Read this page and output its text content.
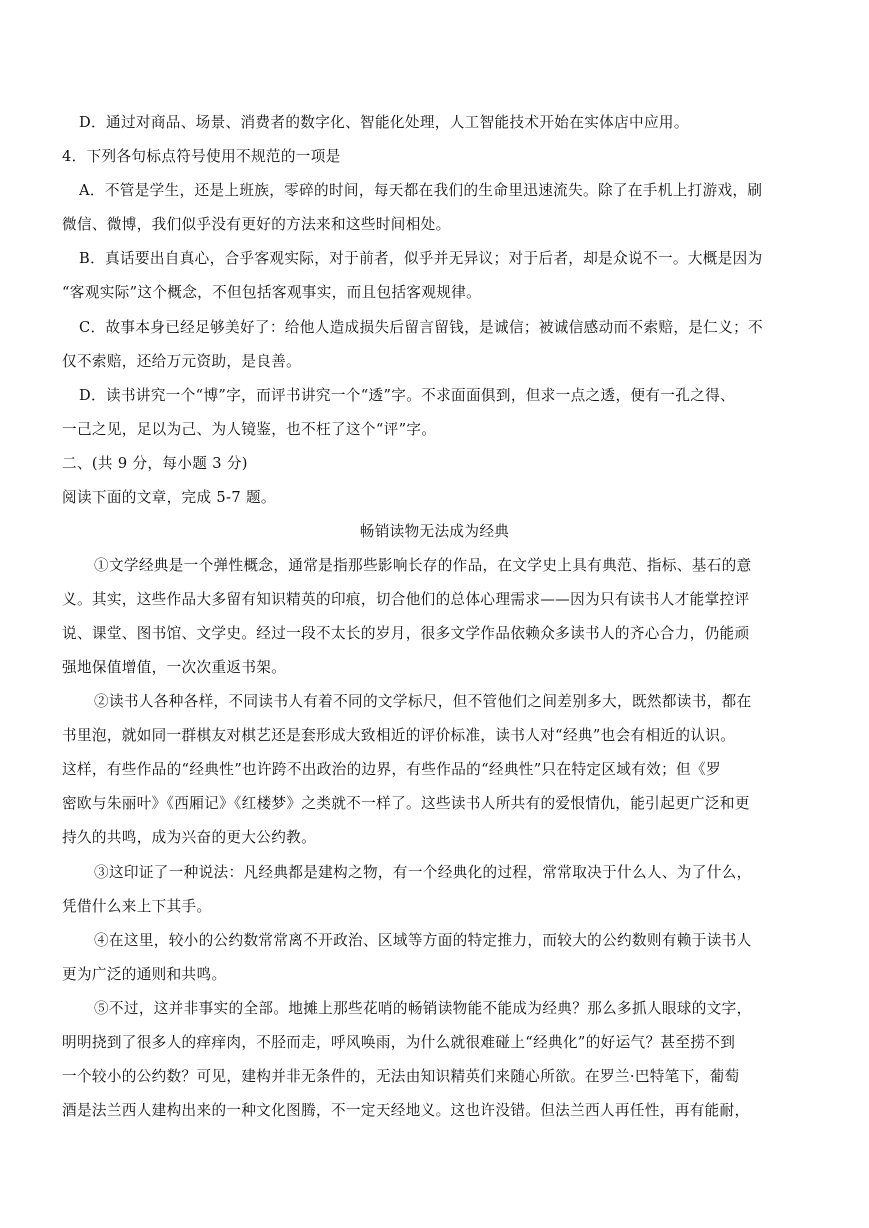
D．通过对商品、场景、消费者的数字化、智能化处理，人工智能技术开始在实体店中应用。
4．下列各句标点符号使用不规范的一项是
A．不管是学生，还是上班族，零碎的时间，每天都在我们的生命里迅速流失。除了在手机上打游戏，刷
微信、微博，我们似乎没有更好的方法来和这些时间相处。
B．真话要出自真心，合乎客观实际，对于前者，似乎并无异议；对于后者，却是众说不一。大概是因为
“客观实际”这个概念，不但包括客观事实，而且包括客观规律。
C．故事本身已经足够美好了：给他人造成损失后留言留钱，是诚信；被诚信感动而不索赔，是仁义；不
仅不索赔，还给万元资助，是良善。
D．读书讲究一个“博”字，而评书讲究一个“透”字。不求面面俱到，但求一点之透，便有一孔之得、
一己之见，足以为己、为人镜鉴，也不枉了这个“评”字。
二、(共 9 分，每小题 3 分)
阅读下面的文章，完成 5-7 题。
畅销读物无法成为经典
①文学经典是一个弹性概念，通常是指那些影响长存的作品，在文学史上具有典范、指标、基石的意
义。其实，这些作品大多留有知识精英的印痕，切合他们的总体心理需求——因为只有读书人才能掌控评
说、课堂、图书馆、文学史。经过一段不太长的岁月，很多文学作品依赖众多读书人的齐心合力，仍能顽
强地保值增值，一次次重返书架。
②读书人各种各样，不同读书人有着不同的文学标尺，但不管他们之间差别多大，既然都读书，都在
书里泡，就如同一群棋友对棋艺还是套形成大致相近的评价标准，读书人对“经典”也会有相近的认识。
这样，有些作品的“经典性”也许跨不出政治的边界，有些作品的“经典性”只在特定区域有效；但《罗
密欧与朱丽叶》《西厢记》《红楼梦》之类就不一样了。这些读书人所共有的爱恨情仇，能引起更广泛和更
持久的共鸣，成为兴奋的更大公约教。
③这印证了一种说法：凡经典都是建构之物，有一个经典化的过程，常常取决于什么人、为了什么，
凭借什么来上下其手。
④在这里，较小的公约数常常离不开政治、区域等方面的特定推力，而较大的公约数则有赖于读书人
更为广泛的通则和共鸣。
⑤不过，这并非事实的全部。地摊上那些花哨的畅销读物能不能成为经典？那么多抓人眼球的文字，
明明挠到了很多人的痒痒肉，不胫而走，呼风唤雨，为什么就很难碰上“经典化”的好运气？甚至捞不到
一个较小的公约数？可见，建构并非无条件的，无法由知识精英们来随心所欲。在罗兰·巴特笔下，葡萄
酒是法兰西人建构出来的一种文化图腾，不一定天经地义。这也许没错。但法兰西人再任性，再有能耐，
